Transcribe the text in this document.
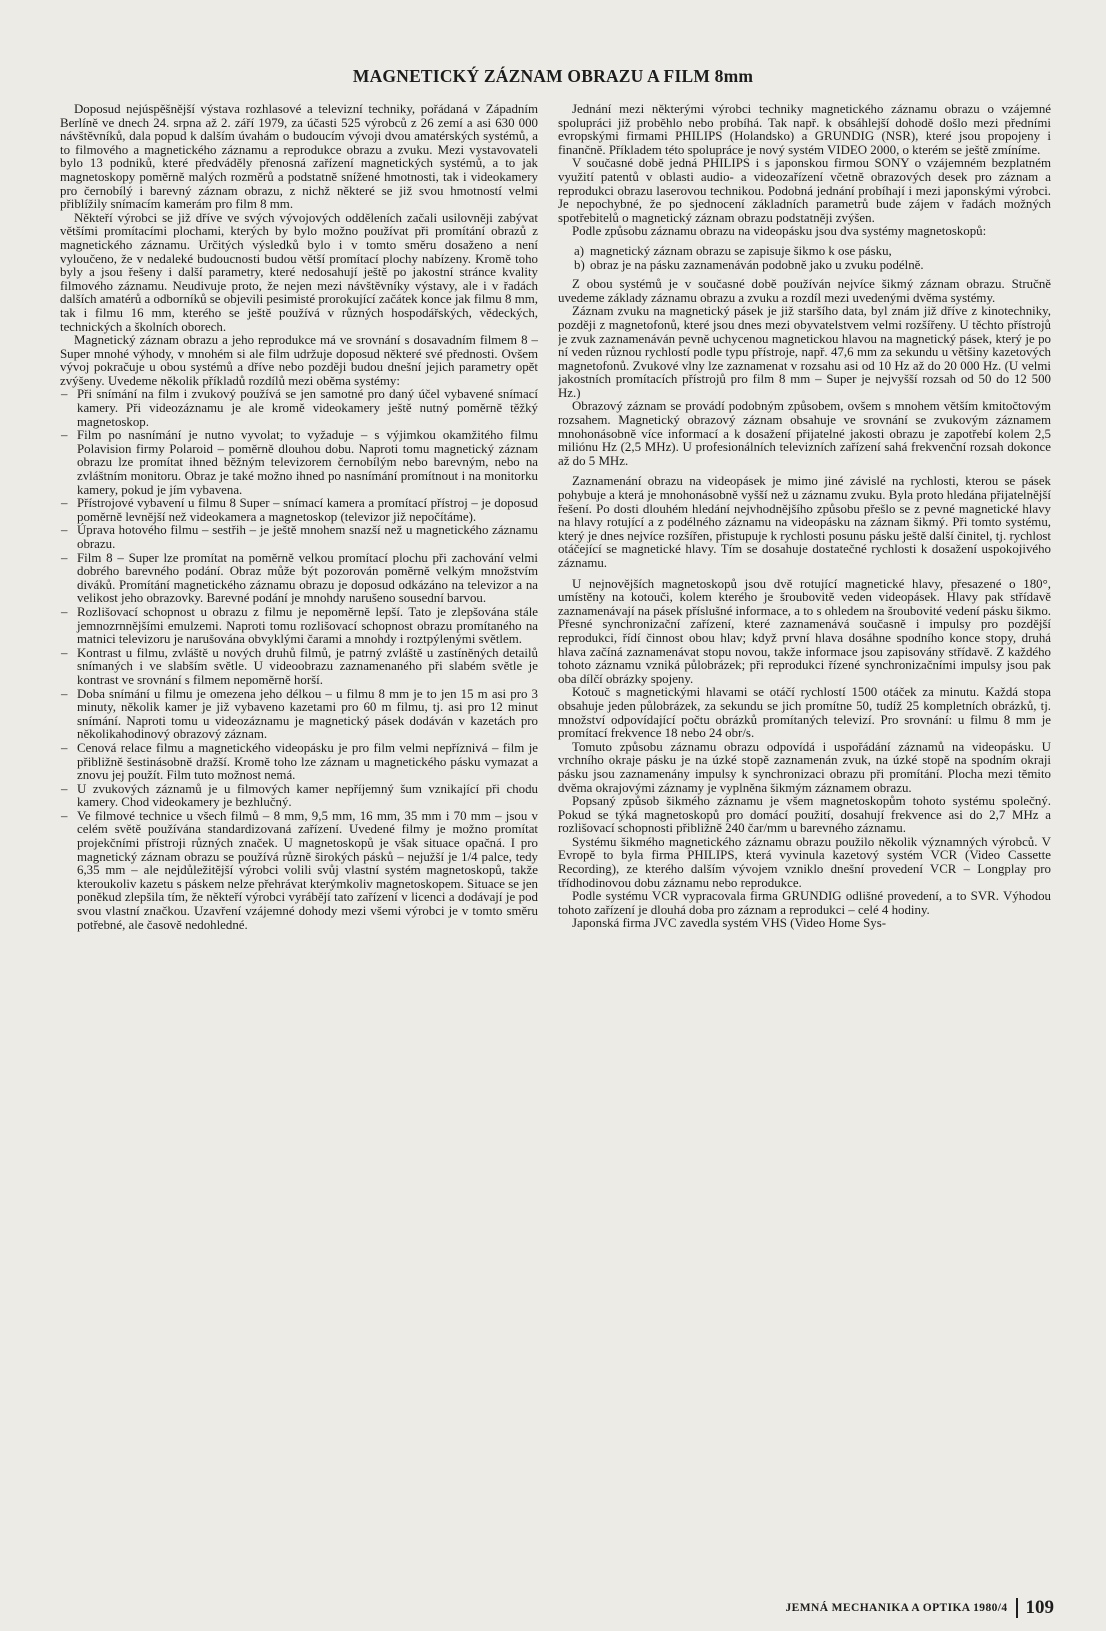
MAGNETICKÝ ZÁZNAM OBRAZU A FILM 8mm

Doposud nejúspěšnější výstava rozhlasové a televizní techniky, pořádaná v Západním Berlíně ve dnech 24. srpna až 2. září 1979, za účasti 525 výrobců z 26 zemí a asi 630 000 návštěvníků, dala popud k dalším úvahám o budoucím vývoji dvou amatérských systémů, a to filmového a magnetického záznamu a reprodukce obrazu a zvuku. Mezi vystavovateli bylo 13 podniků, které předváděly přenosná zařízení magnetických systémů, a to jak magnetoskopy poměrně malých rozměrů a podstatně snížené hmotnosti, tak i videokamery pro černobílý i barevný záznam obrazu, z nichž některé se již svou hmotností velmi přiblížily snímacím kamerám pro film 8 mm.

Někteří výrobci se již dříve ve svých vývojových odděleních začali usilovněji zabývat většími promítacími plochami, kterých by bylo možno používat při promítání obrazů z magnetického záznamu. Určitých výsledků bylo i v tomto směru dosaženo a není vyloučeno, že v nedaleké budoucnosti budou větší promítací plochy nabízeny. Kromě toho byly a jsou řešeny i další parametry, které nedosahují ještě po jakostní stránce kvality filmového záznamu. Neudivuje proto, že nejen mezi návštěvníky výstavy, ale i v řadách dalších amatérů a odborníků se objevili pesimisté prorokující začátek konce jak filmu 8 mm, tak i filmu 16 mm, kterého se ještě používá v různých hospodářských, vědeckých, technických a školních oborech.

Magnetický záznam obrazu a jeho reprodukce má ve srovnání s dosavadním filmem 8 – Super mnohé výhody, v mnohém si ale film udržuje doposud některé své přednosti. Ovšem vývoj pokračuje u obou systémů a dříve nebo později budou dnešní jejich parametry opět zvýšeny. Uvedeme několik příkladů rozdílů mezi oběma systémy:

– Při snímání na film i zvukový používá se jen samotné pro daný účel vybavené snímací kamery. Při videozáznamu je ale kromě videokamery ještě nutný poměrně těžký magnetoskop.
– Film po nasnímání je nutno vyvolat; to vyžaduje – s výjimkou okamžitého filmu Polavision firmy Polaroid – poměrně dlouhou dobu. Naproti tomu magnetický záznam obrazu lze promítat ihned běžným televizorem černobílým nebo barevným, nebo na zvláštním monitoru. Obraz je také možno ihned po nasnímání promítnout i na monitorku kamery, pokud je jím vybavena.
– Přístrojové vybavení u filmu 8 Super – snímací kamera a promítací přístroj – je doposud poměrně levnější než videokamera a magnetoskop (televizor již nepočítáme).
– Úprava hotového filmu – sestřih – je ještě mnohem snazší než u magnetického záznamu obrazu.
– Film 8 – Super lze promítat na poměrně velkou promítací plochu při zachování velmi dobrého barevného podání. Obraz může být pozorován poměrně velkým množstvím diváků. Promítání magnetického záznamu obrazu je doposud odkázáno na televizor a na velikost jeho obrazovky. Barevné podání je mnohdy narušeno sousední barvou.
– Rozlišovací schopnost u obrazu z filmu je nepoměrně lepší. Tato je zlepšována stále jemnozrnnějšími emulzemi. Naproti tomu rozlišovací schopnost obrazu promítaného na matnici televizoru je narušována obvyklými čarami a mnohdy i roztpýlenými světlem.
– Kontrast u filmu, zvláště u nových druhů filmů, je patrný zvláště u zastíněných detailů snímaných i ve slabším světle. U videoobrazu zaznamenaného při slabém světle je kontrast ve srovnání s filmem nepoměrně horší.
– Doba snímání u filmu je omezena jeho délkou – u filmu 8 mm je to jen 15 m asi pro 3 minuty, několik kamer je již vybaveno kazetami pro 60 m filmu, tj. asi pro 12 minut snímání. Naproti tomu u videozáznamu je magnetický pásek dodáván v kazetách pro několikahodinový obrazový záznam.
– Cenová relace filmu a magnetického videopásku je pro film velmi nepříznivá – film je přibližně šestinásobně dražší. Kromě toho lze záznam u magnetického pásku vymazat a znovu jej použít. Film tuto možnost nemá.
– U zvukových záznamů je u filmových kamer nepříjemný šum vznikající při chodu kamery. Chod videokamery je bezhlučný.
– Ve filmové technice u všech filmů – 8 mm, 9,5 mm, 16 mm, 35 mm i 70 mm – jsou v celém světě používána standardizovaná zařízení. Uvedené filmy je možno promítat projekčními přístroji různých značek. U magnetoskopů je však situace opačná. I pro magnetický záznam obrazu se používá různě širokých pásků – nejužší je 1/4 palce, tedy 6,35 mm – ale nejdůležitější výrobci volili svůj vlastní systém magnetoskopů, takže kteroukoliv kazetu s páskem nelze přehrávat kterýmkoliv magnetoskopem. Situace se jen poněkud zlepšila tím, že někteří výrobci vyrábějí tato zařízení v licenci a dodávají je pod svou vlastní značkou. Uzavření vzájemné dohody mezi všemi výrobci je v tomto směru potřebné, ale časově nedohledné.

Jednání mezi některými výrobci techniky magnetického záznamu obrazu o vzájemné spolupráci již proběhlo nebo probíhá. Tak např. k obsáhlejší dohodě došlo mezi předními evropskými firmami PHILIPS (Holandsko) a GRUNDIG (NSR), které jsou propojeny i finančně. Příkladem této spolupráce je nový systém VIDEO 2000, o kterém se ještě zmíníme.

V současné době jedná PHILIPS i s japonskou firmou SONY o vzájemném bezplatném využití patentů v oblasti audio- a videozařízení včetně obrazových desek pro záznam a reprodukci obrazu laserovou technikou. Podobná jednání probíhají i mezi japonskými výrobci. Je nepochybné, že po sjednocení základních parametrů bude zájem v řadách možných spotřebitelů o magnetický záznam obrazu podstatněji zvýšen.

Podle způsobu záznamu obrazu na videopásku jsou dva systémy magnetoskopů:

a) magnetický záznam obrazu se zapisuje šikmo k ose pásku,
b) obraz je na pásku zaznamenáván podobně jako u zvuku podélně.

Z obou systémů je v současné době používán nejvíce šikmý záznam obrazu. Stručně uvedeme základy záznamu obrazu a zvuku a rozdíl mezi uvedenými dvěma systémy.

Záznam zvuku na magnetický pásek je již staršího data, byl znám již dříve z kinotechniky, později z magnetofonů, které jsou dnes mezi obyvatelstvem velmi rozšířeny. U těchto přístrojů je zvuk zaznamenáván pevně uchycenou magnetickou hlavou na magnetický pásek, který je po ní veden různou rychlostí podle typu přístroje, např. 47,6 mm za sekundu u většiny kazetových magnetofonů. Zvukové vlny lze zaznamenat v rozsahu asi od 10 Hz až do 20 000 Hz. (U velmi jakostních promítacích přístrojů pro film 8 mm – Super je nejvyšší rozsah od 50 do 12 500 Hz.)

Obrazový záznam se provádí podobným způsobem, ovšem s mnohem větším kmitočtovým rozsahem. Magnetický obrazový záznam obsahuje ve srovnání se zvukovým záznamem mnohonásobně více informací a k dosažení přijatelné jakosti obrazu je zapotřebí kolem 2,5 miliónu Hz (2,5 MHz). U profesionálních televizních zařízení sahá frekvenční rozsah dokonce až do 5 MHz.

Zaznamenání obrazu na videopásek je mimo jiné závislé na rychlosti, kterou se pásek pohybuje a která je mnohonásobně vyšší než u záznamu zvuku. Byla proto hledána přijatelnější řešení. Po dosti dlouhém hledání nejvhodnějšího způsobu přešlo se z pevné magnetické hlavy na hlavy rotující a z podélného záznamu na videopásku na záznam šikmý. Při tomto systému, který je dnes nejvíce rozšířen, přistupuje k rychlosti posunu pásku ještě další činitel, tj. rychlost otáčející se magnetické hlavy. Tím se dosahuje dostatečné rychlosti k dosažení uspokojivého záznamu.

U nejnovějších magnetoskopů jsou dvě rotující magnetické hlavy, přesazené o 180°, umístěny na kotouči, kolem kterého je šroubovitě veden videopásek. Hlavy pak střídavě zaznamenávají na pásek příslušné informace, a to s ohledem na šroubovité vedení pásku šikmo. Přesné synchronizační zařízení, které zaznamenává současně i impulsy pro pozdější reprodukci, řídí činnost obou hlav; když první hlava dosáhne spodního konce stopy, druhá hlava začíná zaznamenávat stopu novou, takže informace jsou zapisovány střídavě. Z každého tohoto záznamu vzniká půlobrázek; při reprodukci řízené synchronizačními impulsy jsou pak oba dílčí obrázky spojeny.

Kotouč s magnetickými hlavami se otáčí rychlostí 1500 otáček za minutu. Každá stopa obsahuje jeden půlobrázek, za sekundu se jich promítne 50, tudíž 25 kompletních obrázků, tj. množství odpovídající počtu obrázků promítaných televizí. Pro srovnání: u filmu 8 mm je promítací frekvence 18 nebo 24 obr/s.

Tomuto způsobu záznamu obrazu odpovídá i uspořádání záznamů na videopásku. U vrchního okraje pásku je na úzké stopě zaznamenán zvuk, na úzké stopě na spodním okraji pásku jsou zaznamenány impulsy k synchronizaci obrazu při promítání. Plocha mezi těmito dvěma okrajovými záznamy je vyplněna šikmým záznamem obrazu.

Popsaný způsob šikmého záznamu je všem magnetoskopům tohoto systému společný. Pokud se týká magnetoskopů pro domácí použití, dosahují frekvence asi do 2,7 MHz a rozlišovací schopnosti přibližně 240 čar/mm u barevného záznamu.

Systému šikmého magnetického záznamu obrazu použilo několik významných výrobců. V Evropě to byla firma PHILIPS, která vyvinula kazetový systém VCR (Video Cassette Recording), ze kterého dalším vývojem vzniklo dnešní provedení VCR – Longplay pro třídhodinovou dobu záznamu nebo reprodukce.

Podle systému VCR vypracovala firma GRUNDIG odlišné provedení, a to SVR. Výhodou tohoto zařízení je dlouhá doba pro záznam a reprodukci – celé 4 hodiny.

Japonská firma JVC zavedla systém VHS (Video Home Sys-

JEMNÁ MECHANIKA A OPTIKA 1980/4 109
